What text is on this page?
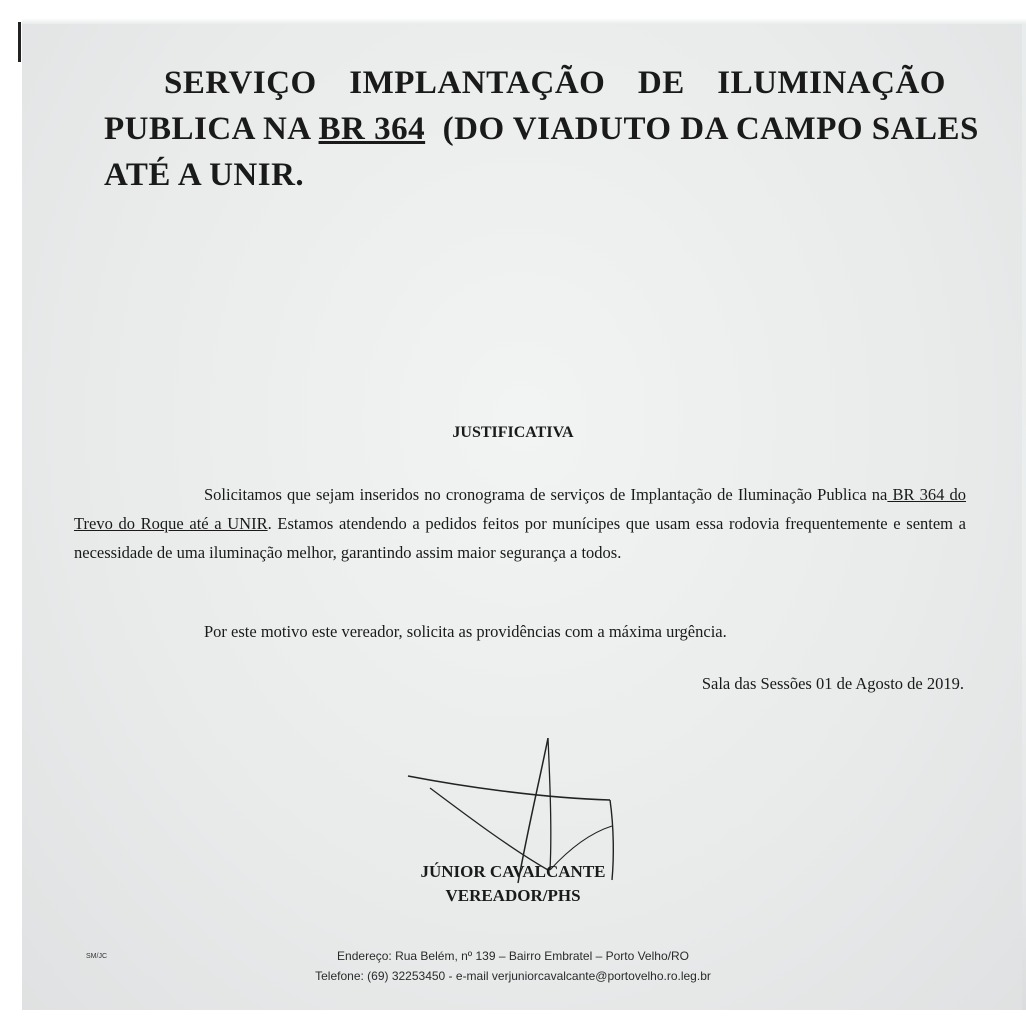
SERVIÇO IMPLANTAÇÃO DE ILUMINAÇÃO
PUBLICA NA BR 364  (DO VIADUTO DA CAMPO SALES
ATÉ A UNIR.
JUSTIFICATIVA

Solicitamos que sejam inseridos no cronograma de serviços de Implantação de Iluminação Publica na BR 364 do Trevo do Roque até a UNIR. Estamos atendendo a pedidos feitos por munícipes que usam essa rodovia frequentemente e sentem a necessidade de uma iluminação melhor, garantindo assim maior segurança a todos.

Por este motivo este vereador, solicita as providências com a máxima urgência.
Sala das Sessões 01 de Agosto de 2019.
JÚNIOR CAVALCANTE
VEREADOR/PHS
SM/JC	Endereço: Rua Belém, nº 139 – Bairro Embratel – Porto Velho/RO
Telefone: (69) 32253450 - e-mail verjuniorcavalcante@portovelho.ro.leg.br
